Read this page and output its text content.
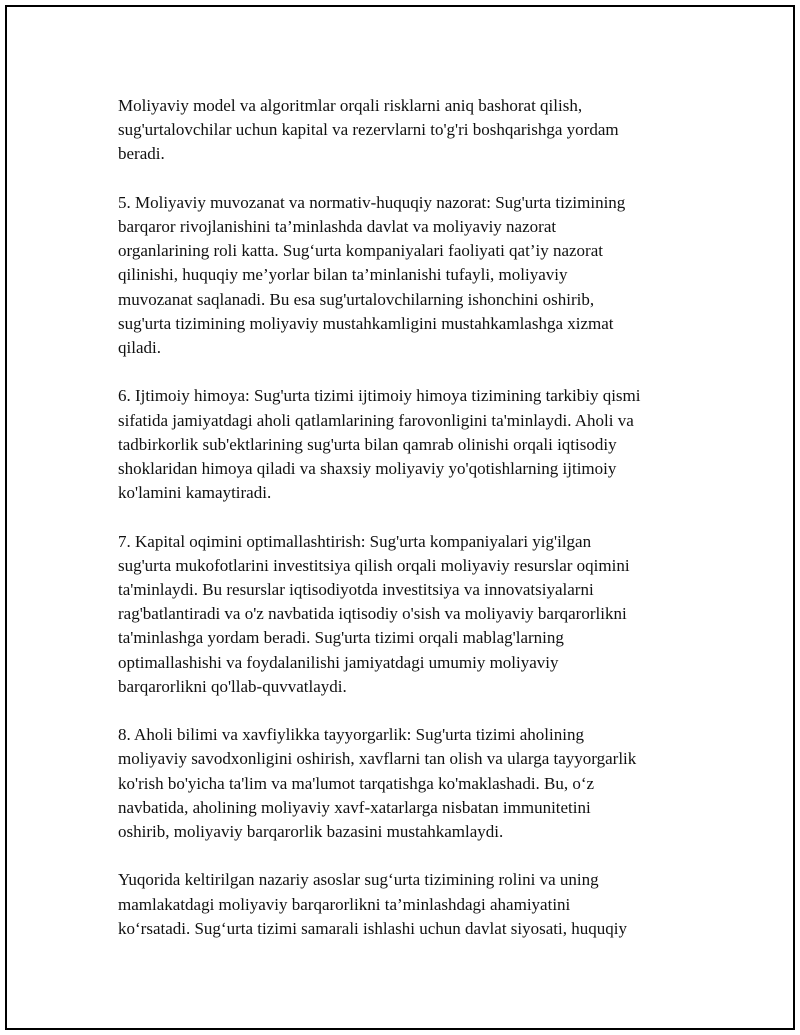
Moliyaviy model va algoritmlar orqali risklarni aniq bashorat qilish,
sug'urtalovchilar uchun kapital va rezervlarni to'g'ri boshqarishga yordam
beradi.

5. Moliyaviy muvozanat va normativ-huquqiy nazorat: Sug'urta tizimining
barqaror rivojlanishini ta’minlashda davlat va moliyaviy nazorat
organlarining roli katta. Sug‘urta kompaniyalari faoliyati qat’iy nazorat
qilinishi, huquqiy me’yorlar bilan ta’minlanishi tufayli, moliyaviy
muvozanat saqlanadi. Bu esa sug'urtalovchilarning ishonchini oshirib,
sug'urta tizimining moliyaviy mustahkamligini mustahkamlashga xizmat
qiladi.

6. Ijtimoiy himoya: Sug'urta tizimi ijtimoiy himoya tizimining tarkibiy qismi
sifatida jamiyatdagi aholi qatlamlarining farovonligini ta'minlaydi. Aholi va
tadbirkorlik sub'ektlarining sug'urta bilan qamrab olinishi orqali iqtisodiy
shoklaridan himoya qiladi va shaxsiy moliyaviy yo'qotishlarning ijtimoiy
ko'lamini kamaytiradi.

7. Kapital oqimini optimallashtirish: Sug'urta kompaniyalari yig'ilgan
sug'urta mukofotlarini investitsiya qilish orqali moliyaviy resurslar oqimini
ta'minlaydi. Bu resurslar iqtisodiyotda investitsiya va innovatsiyalarni
rag'batlantiradi va o'z navbatida iqtisodiy o'sish va moliyaviy barqarorlikni
ta'minlashga yordam beradi. Sug'urta tizimi orqali mablag'larning
optimallashishi va foydalanilishi jamiyatdagi umumiy moliyaviy
barqarorlikni qo'llab-quvvatlaydi.

8. Aholi bilimi va xavfiylikka tayyorgarlik: Sug'urta tizimi aholining
moliyaviy savodxonligini oshirish, xavflarni tan olish va ularga tayyorgarlik
ko'rish bo'yicha ta'lim va ma'lumot tarqatishga ko'maklashadi. Bu, o‘z
navbatida, aholining moliyaviy xavf-xatarlarga nisbatan immunitetini
oshirib, moliyaviy barqarorlik bazasini mustahkamlaydi.

Yuqorida keltirilgan nazariy asoslar sug‘urta tizimining rolini va uning
mamlakatdagi moliyaviy barqarorlikni ta’minlashdagi ahamiyatini
ko‘rsatadi. Sug‘urta tizimi samarali ishlashi uchun davlat siyosati, huquqiy
